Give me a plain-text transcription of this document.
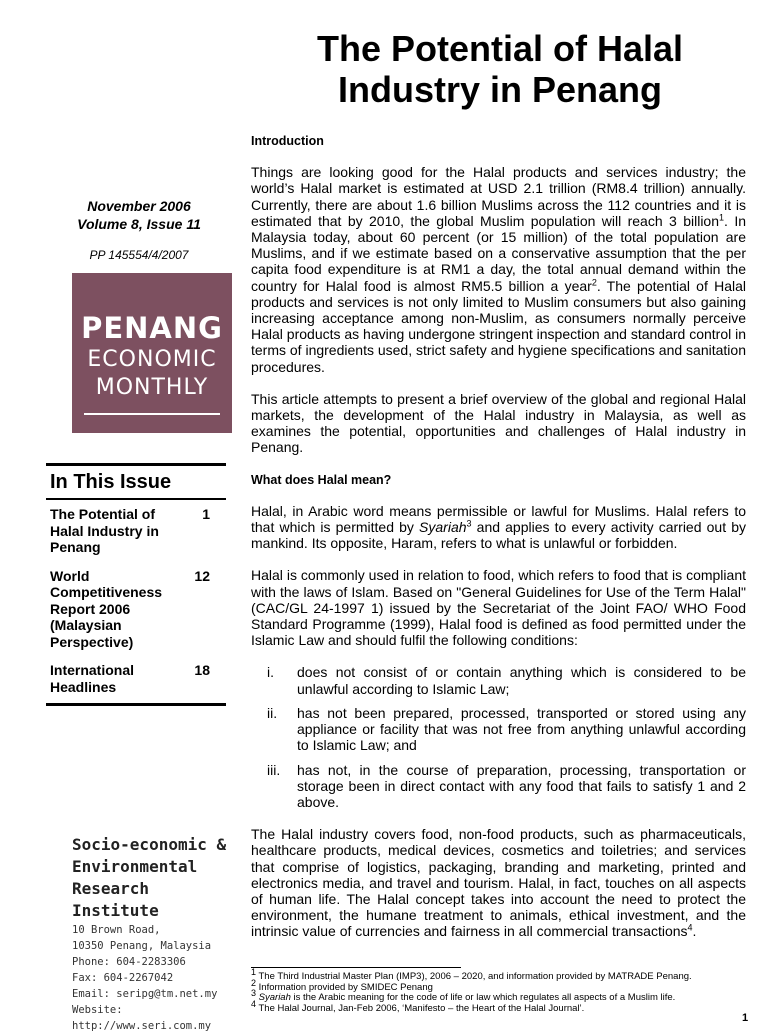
The Potential of Halal Industry in Penang
November 2006
Volume 8, Issue 11
PP 145554/4/2007
PENANG
ECONOMIC
MONTHLY
In This Issue
The Potential of Halal Industry in Penang
1
World Competitiveness Report 2006 (Malaysian Perspective)
12
International Headlines
18
Socio-economic &
Environmental
Research Institute
10 Brown Road,
10350 Penang, Malaysia
Phone: 604-2283306
Fax: 604-2267042
Email: seripg@tm.net.my
Website: http://www.seri.com.my
Introduction

Things are looking good for the Halal products and services industry; the world’s Halal market is estimated at USD 2.1 trillion (RM8.4 trillion) annually. Currently, there are about 1.6 billion Muslims across the 112 countries and it is estimated that by 2010, the global Muslim population will reach 3 billion$^1$. In Malaysia today, about 60 percent (or 15 million) of the total population are Muslims, and if we estimate based on a conservative assumption that the per capita food expenditure is at RM1 a day, the total annual demand within the country for Halal food is almost RM5.5 billion a year$^2$. The potential of Halal products and services is not only limited to Muslim consumers but also gaining increasing acceptance among non-Muslim, as consumers normally perceive Halal products as having undergone stringent inspection and standard control in terms of ingredients used, strict safety and hygiene specifications and sanitation procedures.

This article attempts to present a brief overview of the global and regional Halal markets, the development of the Halal industry in Malaysia, as well as examines the potential, opportunities and challenges of Halal industry in Penang.

What does Halal mean?

Halal, in Arabic word means permissible or lawful for Muslims. Halal refers to that which is permitted by Syariah$^3$ and applies to every activity carried out by mankind. Its opposite, Haram, refers to what is unlawful or forbidden.

Halal is commonly used in relation to food, which refers to food that is compliant with the laws of Islam. Based on "General Guidelines for Use of the Term Halal" (CAC/GL 24-1997 1) issued by the Secretariat of the Joint FAO/ WHO Food Standard Programme (1999), Halal food is defined as food permitted under the Islamic Law and should fulfil the following conditions:

i.	does not consist of or contain anything which is considered to be unlawful according to Islamic Law;
ii.	has not been prepared, processed, transported or stored using any appliance or facility that was not free from anything unlawful according to Islamic Law; and
iii.	has not, in the course of preparation, processing, transportation or storage been in direct contact with any food that fails to satisfy 1 and 2 above.

The Halal industry covers food, non-food products, such as pharmaceuticals, healthcare products, medical devices, cosmetics and toiletries; and services that comprise of logistics, packaging, branding and marketing, printed and electronics media, and travel and tourism. Halal, in fact, touches on all aspects of human life. The Halal concept takes into account the need to protect the environment, the humane treatment to animals, ethical investment, and the intrinsic value of currencies and fairness in all commercial transactions$^4$.

$^1$ The Third Industrial Master Plan (IMP3), 2006 – 2020, and information provided by MATRADE Penang.
$^2$ Information provided by SMIDEC Penang
$^3$ Syariah is the Arabic meaning for the code of life or law which regulates all aspects of a Muslim life.
$^4$ The Halal Journal, Jan-Feb 2006, ‘Manifesto – the Heart of the Halal Journal’.
1
